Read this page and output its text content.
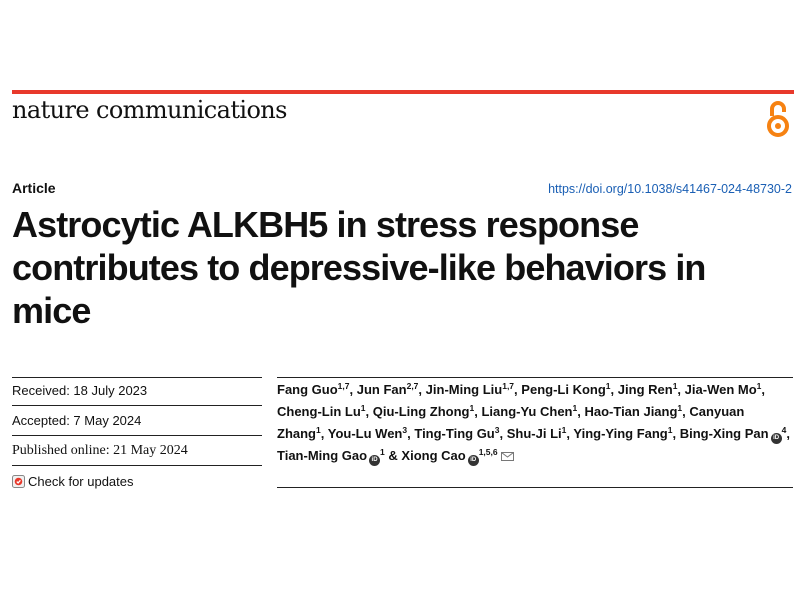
nature communications
Article	https://doi.org/10.1038/s41467-024-48730-2
Astrocytic ALKBH5 in stress response contributes to depressive-like behaviors in mice
Received: 18 July 2023
Accepted: 7 May 2024
Published online: 21 May 2024
Check for updates
Fang Guo$^{1,7}$, Jun Fan$^{2,7}$, Jin-Ming Liu$^{1,7}$, Peng-Li Kong$^1$, Jing Ren$^1$, Jia-Wen Mo$^1$, Cheng-Lin Lu$^1$, Qiu-Ling Zhong$^1$, Liang-Yu Chen$^1$, Hao-Tian Jiang$^1$, Canyuan Zhang$^1$, You-Lu Wen$^3$, Ting-Ting Gu$^3$, Shu-Ji Li$^1$, Ying-Ying Fang$^1$, Bing-Xing Pan $iD^4$, Tian-Ming Gao $iD^1$ & Xiong Cao iD$^{1,5,6}$
